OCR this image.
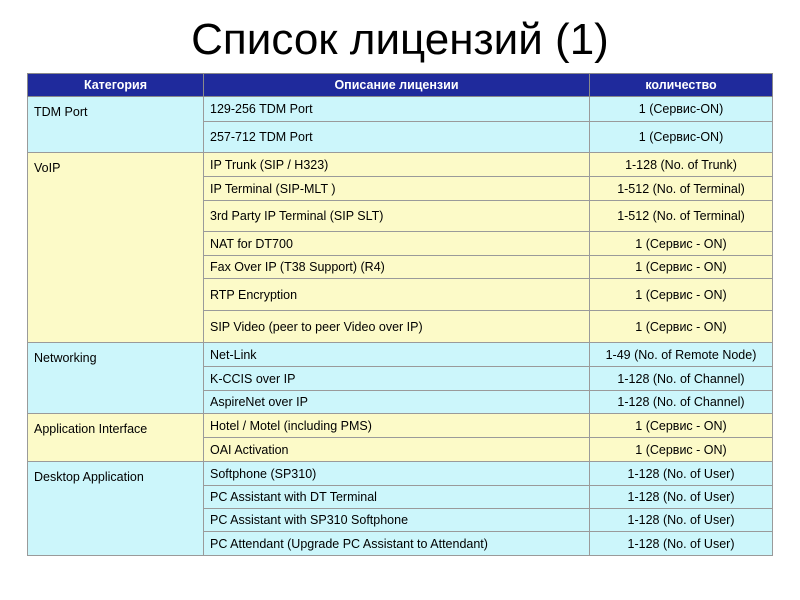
Список лицензий (1)
Категория	Описание лицензии	количество
TDM Port	129-256 TDM Port	1 (Сервис-ON)
	257-712 TDM Port	1 (Сервис-ON)
VoIP	IP Trunk (SIP / H323)	1-128 (No. of Trunk)
	IP Terminal (SIP-MLT )	1-512 (No. of Terminal)
	3rd Party IP Terminal (SIP SLT)	1-512 (No. of Terminal)
	NAT for DT700	1 (Сервис - ON)
	Fax Over IP (T38 Support) (R4)	1 (Сервис - ON)
	RTP Encryption	1 (Сервис - ON)
	SIP Video (peer to peer Video over IP)	1 (Сервис - ON)
Networking	Net-Link	1-49 (No. of Remote Node)
	K-CCIS over IP	1-128 (No. of Channel)
	AspireNet over IP	1-128 (No. of Channel)
Application Interface	Hotel / Motel (including PMS)	1 (Сервис - ON)
	OAI Activation	1 (Сервис - ON)
Desktop Application	Softphone (SP310)	1-128 (No. of User)
	PC Assistant with DT Terminal	1-128 (No. of User)
	PC Assistant with SP310 Softphone	1-128 (No. of User)
	PC Attendant (Upgrade PC Assistant to Attendant)	1-128 (No. of User)
